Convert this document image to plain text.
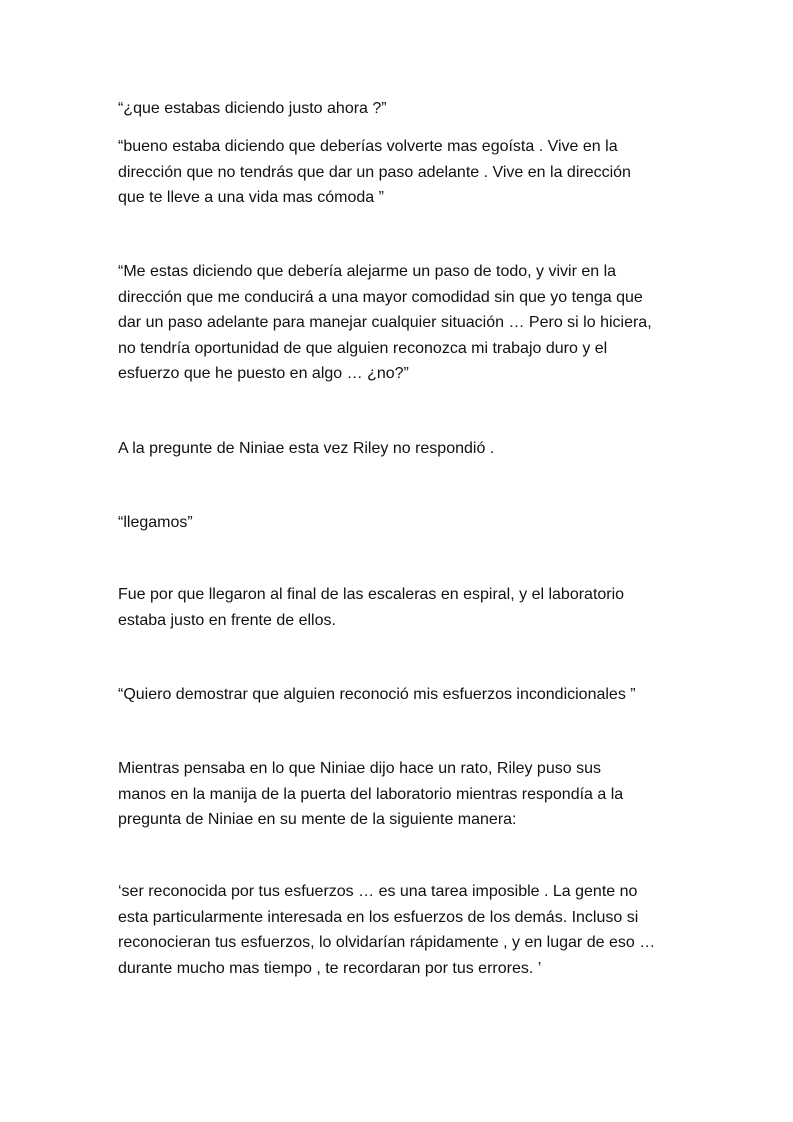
“¿que estabas diciendo justo ahora ?”

“bueno estaba diciendo que deberías volverte mas egoísta . Vive en la
dirección que no tendrás que dar un paso adelante . Vive en la dirección
que te lleve a una vida mas cómoda ”

“Me estas diciendo que debería alejarme un paso de todo, y vivir en la
dirección que me conducirá a una mayor comodidad sin que yo tenga que
dar un paso adelante para manejar cualquier situación … Pero si lo hiciera,
no tendría oportunidad de que alguien reconozca mi trabajo duro y el
esfuerzo que he puesto en algo … ¿no?”

A la pregunte de Niniae esta vez Riley no respondió .

“llegamos”

Fue por que llegaron al final de las escaleras en espiral, y el laboratorio
estaba justo en frente de ellos.

“Quiero demostrar que alguien reconoció mis esfuerzos incondicionales ”

Mientras pensaba en lo que Niniae dijo hace un rato, Riley puso sus
manos en la manija de la puerta del laboratorio mientras respondía a la
pregunta de Niniae en su mente de la siguiente manera:

‘ser reconocida por tus esfuerzos … es una tarea imposible . La gente no
esta particularmente interesada en los esfuerzos de los demás. Incluso si
reconocieran tus esfuerzos, lo olvidarían rápidamente , y en lugar de eso …
durante mucho mas tiempo , te recordaran por tus errores. ’
